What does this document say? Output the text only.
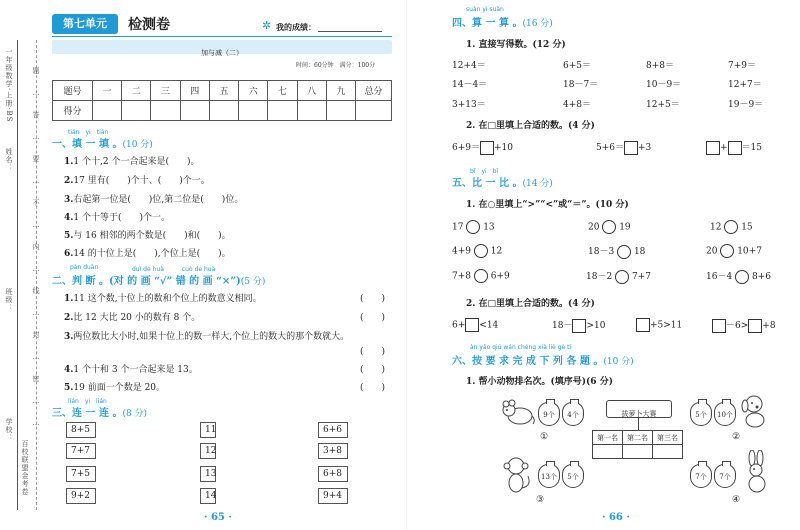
一年级数学·上册·BS
姓名：
班级：
学校：
百校联盟金考卷
题
…
答
…
要
…
不
…
内
…
线
…
封
…
密
…
…
第七单元	检测卷	✲ 我的成绩：
加与减（二）
时间：60分钟　满分：100分
题号	一	二	三	四	五	六	七	八	九	总分
得分										
tián　yi　tián
一、填 一 填 。(10 分)
1.1 个十,2 个一合起来是(　　)。
2.17 里有(　　)个十、(　　)个一。
3.右起第一位是(　　)位,第二位是(　　)位。
4.1 个十等于(　　)个一。
5.与 16 相邻的两个数是(　　)和(　　)。
6.14 的十位上是(　　),个位上是(　　)。
pàn duàn	duì de huà　　　cuò de huà
二、判 断 。(对 的 画 “√” 错 的 画 “×”)(5 分)
1.11 这个数,十位上的数和个位上的数意义相同。	(　　)
2.比 12 大比 20 小的数有 8 个。	(　　)
3.两位数比大小时,如果十位上的数一样大,个位上的数大的那个数就大。
(　　)
4.1 个十和 3 个一合起来是 13。	(　　)
5.19 前面一个数是 20。	(　　)
lián　yi　lián
三、连 一 连 。(8 分)
8+5
7+7
7+5
9+2
11
12
13
14
6+6
3+8
6+8
9+4
· 65 ·
suàn yi suàn
四、算 一 算 。(16 分)
1. 直接写得数。(12 分)
12+4＝	6+5＝	8+8＝	7+9＝
14－4＝	18－7＝	10－9＝	12+7＝
3+13＝	4+8＝	12+5＝	19－9＝
2. 在□里填上合适的数。(4 分)
6+9＝ +10	5+6＝ +3	+ ＝15
bǐ　yi　bǐ
五、比 一 比 。(14 分)
1. 在○里填上“>”“<”或“＝”。(10 分)
17 13	20 19	12 15
4+9 12	18－3 18	20 10+7
7+8 6+9	18－2 7+7	16－4 8+6
2. 在□里填上合适的数。(4 分)
6+ <14	18－ >10	+5>11	－6> +8
àn yāo qiú wán chéng xià liè gè tí
六、按 要 求 完 成 下 列 各 题 。(10 分)
1. 帮小动物排名次。(填序号)(6 分)
9个	4个
①
拔萝卜大赛
第一名	第二名	第三名

5个	10个
②
13个	5个
③
7个	7个
④
· 66 ·
